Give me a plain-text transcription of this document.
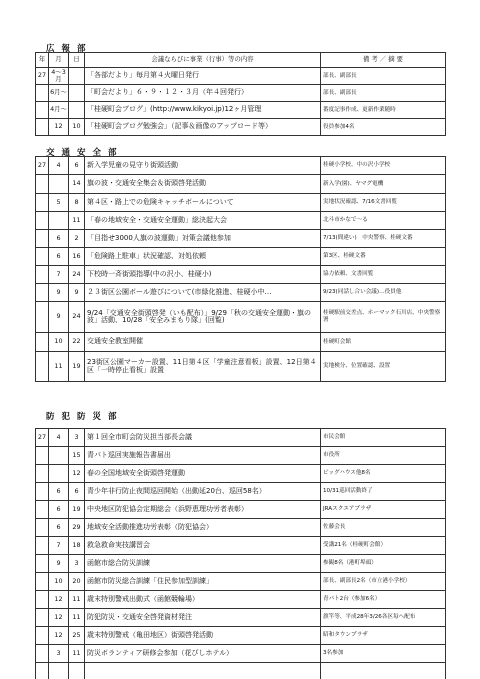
広報部
年	月	日	会議ならびに事業（行事）等の内容	備 考 ／ 摘 要
27	4～3月		「各部だより」毎月第４火曜日発行	部長、副部長
	6月～		「町会だより」６・９・１２・３月（年４回発行）	部長、副部長
	4月～		「桂硬町会ブログ」(http://www.kikyoi.jp)12ヶ月管理	番度記事作成、更新作業随時
	12	10	「桂硬町会ブログ勉強会」（記事＆画像のアップロード等）	役員参加4名
交通安全部
27	4	6	新入学児童の見守り街頭活動	桂硬小学校、中の沢小学校
		14	旗の波・交通安全集会＆街頭啓発活動	新入学(園)、ヤマグ電機
	5	8	第４区・路上での危険キャッチボールについて	実地状況確認、7/16文書回覧
		11	「春の地域安全・交通安全運動」総決起大会	北斗市かなで～る
	6	2	「目指せ3000人旗の波運動」対策会議他参加	7/13(間違い)　中央警察、桂硬文番
	6	16	「危険路上駐車」状況確認、対処依頼	第3区、桂硬文番
	7	24	下校時一斉街頭指導(中の沢小、桂硬小)	協力依頼、文書回覧
	9	9	２３街区公園ボール遊びについて(市緑化推進、桂硬小中…	9/23(同話し合い会議)…役員他
	9	24	9/24「交通安全街頭啓発（いも配布）」9/29「秋の交通安全運動・旗の波」活動、10/28「安全みまもり隊」(回覧)	桂硬駅前交差点、ホーマック石川店、中央警察署
	10	22	交通安全教室開催	桂硬町会館
	11	19	23街区公園マーカー設置、11日第４区「学童注意看板」設置、12日第４区「一時停止看板」設置	実地検分、位置確認、設置
防犯防災部
27	4	3	第１回全市町会防災担当部長会議	市民会館
		15	青パト巡回実施報告書届出	市役所
		12	春の全国地域安全街頭啓発運動	ビッグハウス他8名
	6	6	青少年非行防止夜間巡回開始（出動延20台、巡回58名）	10/31巡回活動終了
	6	19	中央地区防犯協会定期総会（浜野恵理功労者表彰）	JRAスクエアプラザ
	6	29	地域安全活動推進功労表彰（防犯協会）	佐藤会長
	7	18	救急救命実技講習会	受講21名（桂硬町会館）
	9	3	函館市総合防災訓練	参観8名（港町埠頭）
	10	20	函館市防災総合訓練「住民参加型訓練」	部長、副部長2名（市立港小学校）
	12	11	歳末特別警戒出動式（函館競輪場）	青パト2台（参加6名）
	12	11	防犯防災・交通安全啓発資材発注	旗竿等、平成28年3/26各区毎へ配布
	12	25	歳末特別警戒（亀田地区）街頭啓発活動	昭和タウンプラザ
	3	11	防災ボランティア研修会参加（花びしホテル）	3名参加
